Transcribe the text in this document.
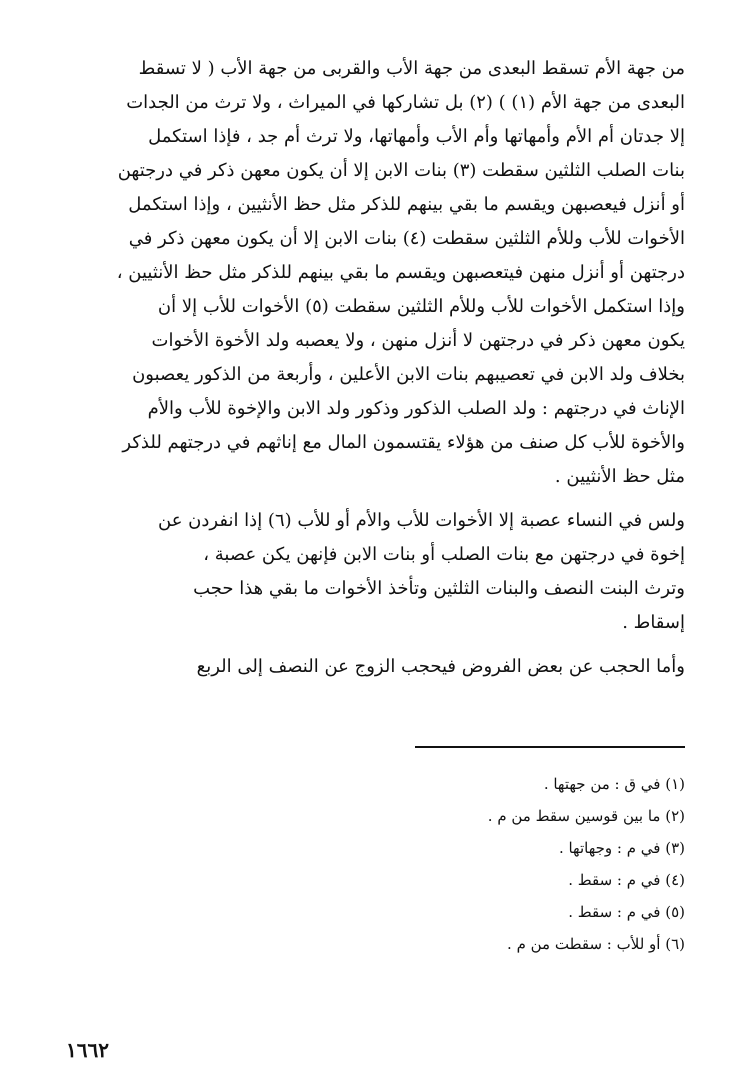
من جهة الأم تسقط البعدى من جهة الأب والقربى من جهة الأب ( لا تسقط
البعدى من جهة الأم (١) ) (٢) بل تشاركها في الميراث ، ولا ترث من الجدات
إلا جدتان أم الأم وأمهاتها وأم الأب وأمهاتها، ولا ترث أم جد ، فإذا استكمل
بنات الصلب الثلثين سقطت (٣) بنات الابن إلا أن يكون معهن ذكر في درجتهن
أو أنزل فيعصبهن ويقسم ما بقي بينهم للذكر مثل حظ الأنثيين ، وإذا استكمل
الأخوات للأب وللأم الثلثين سقطت (٤) بنات الابن إلا أن يكون معهن ذكر في
درجتهن أو أنزل منهن فيتعصبهن ويقسم ما بقي بينهم للذكر مثل حظ الأنثيين ،
وإذا استكمل الأخوات للأب وللأم الثلثين سقطت (٥) الأخوات للأب إلا أن
يكون معهن ذكر في درجتهن لا أنزل منهن ، ولا يعصبه ولد الأخوة الأخوات
بخلاف ولد الابن في تعصيبهم بنات الابن الأعلين ، وأربعة من الذكور يعصبون
الإناث في درجتهم : ولد الصلب الذكور وذكور ولد الابن والإخوة للأب والأم
والأخوة للأب كل صنف من هؤلاء يقتسمون المال مع إناثهم في درجتهم للذكر
مثل حظ الأنثيين .
ولس في النساء عصبة إلا الأخوات للأب والأم أو للأب (٦) إذا انفردن عن
إخوة في درجتهن مع بنات الصلب أو بنات الابن فإنهن يكن عصبة ،
وترث البنت النصف والبنات الثلثين وتأخذ الأخوات ما بقي هذا حجب
إسقاط .
وأما الحجب عن بعض الفروض فيحجب الزوج عن النصف إلى الربع
(١) في ق : من جهتها .
(٢) ما بين قوسين سقط من م .
(٣) في م : وجهاتها .
(٤) في م : سقط .
(٥) في م : سقط .
(٦) أو للأب : سقطت من م .
١٦٦٢
